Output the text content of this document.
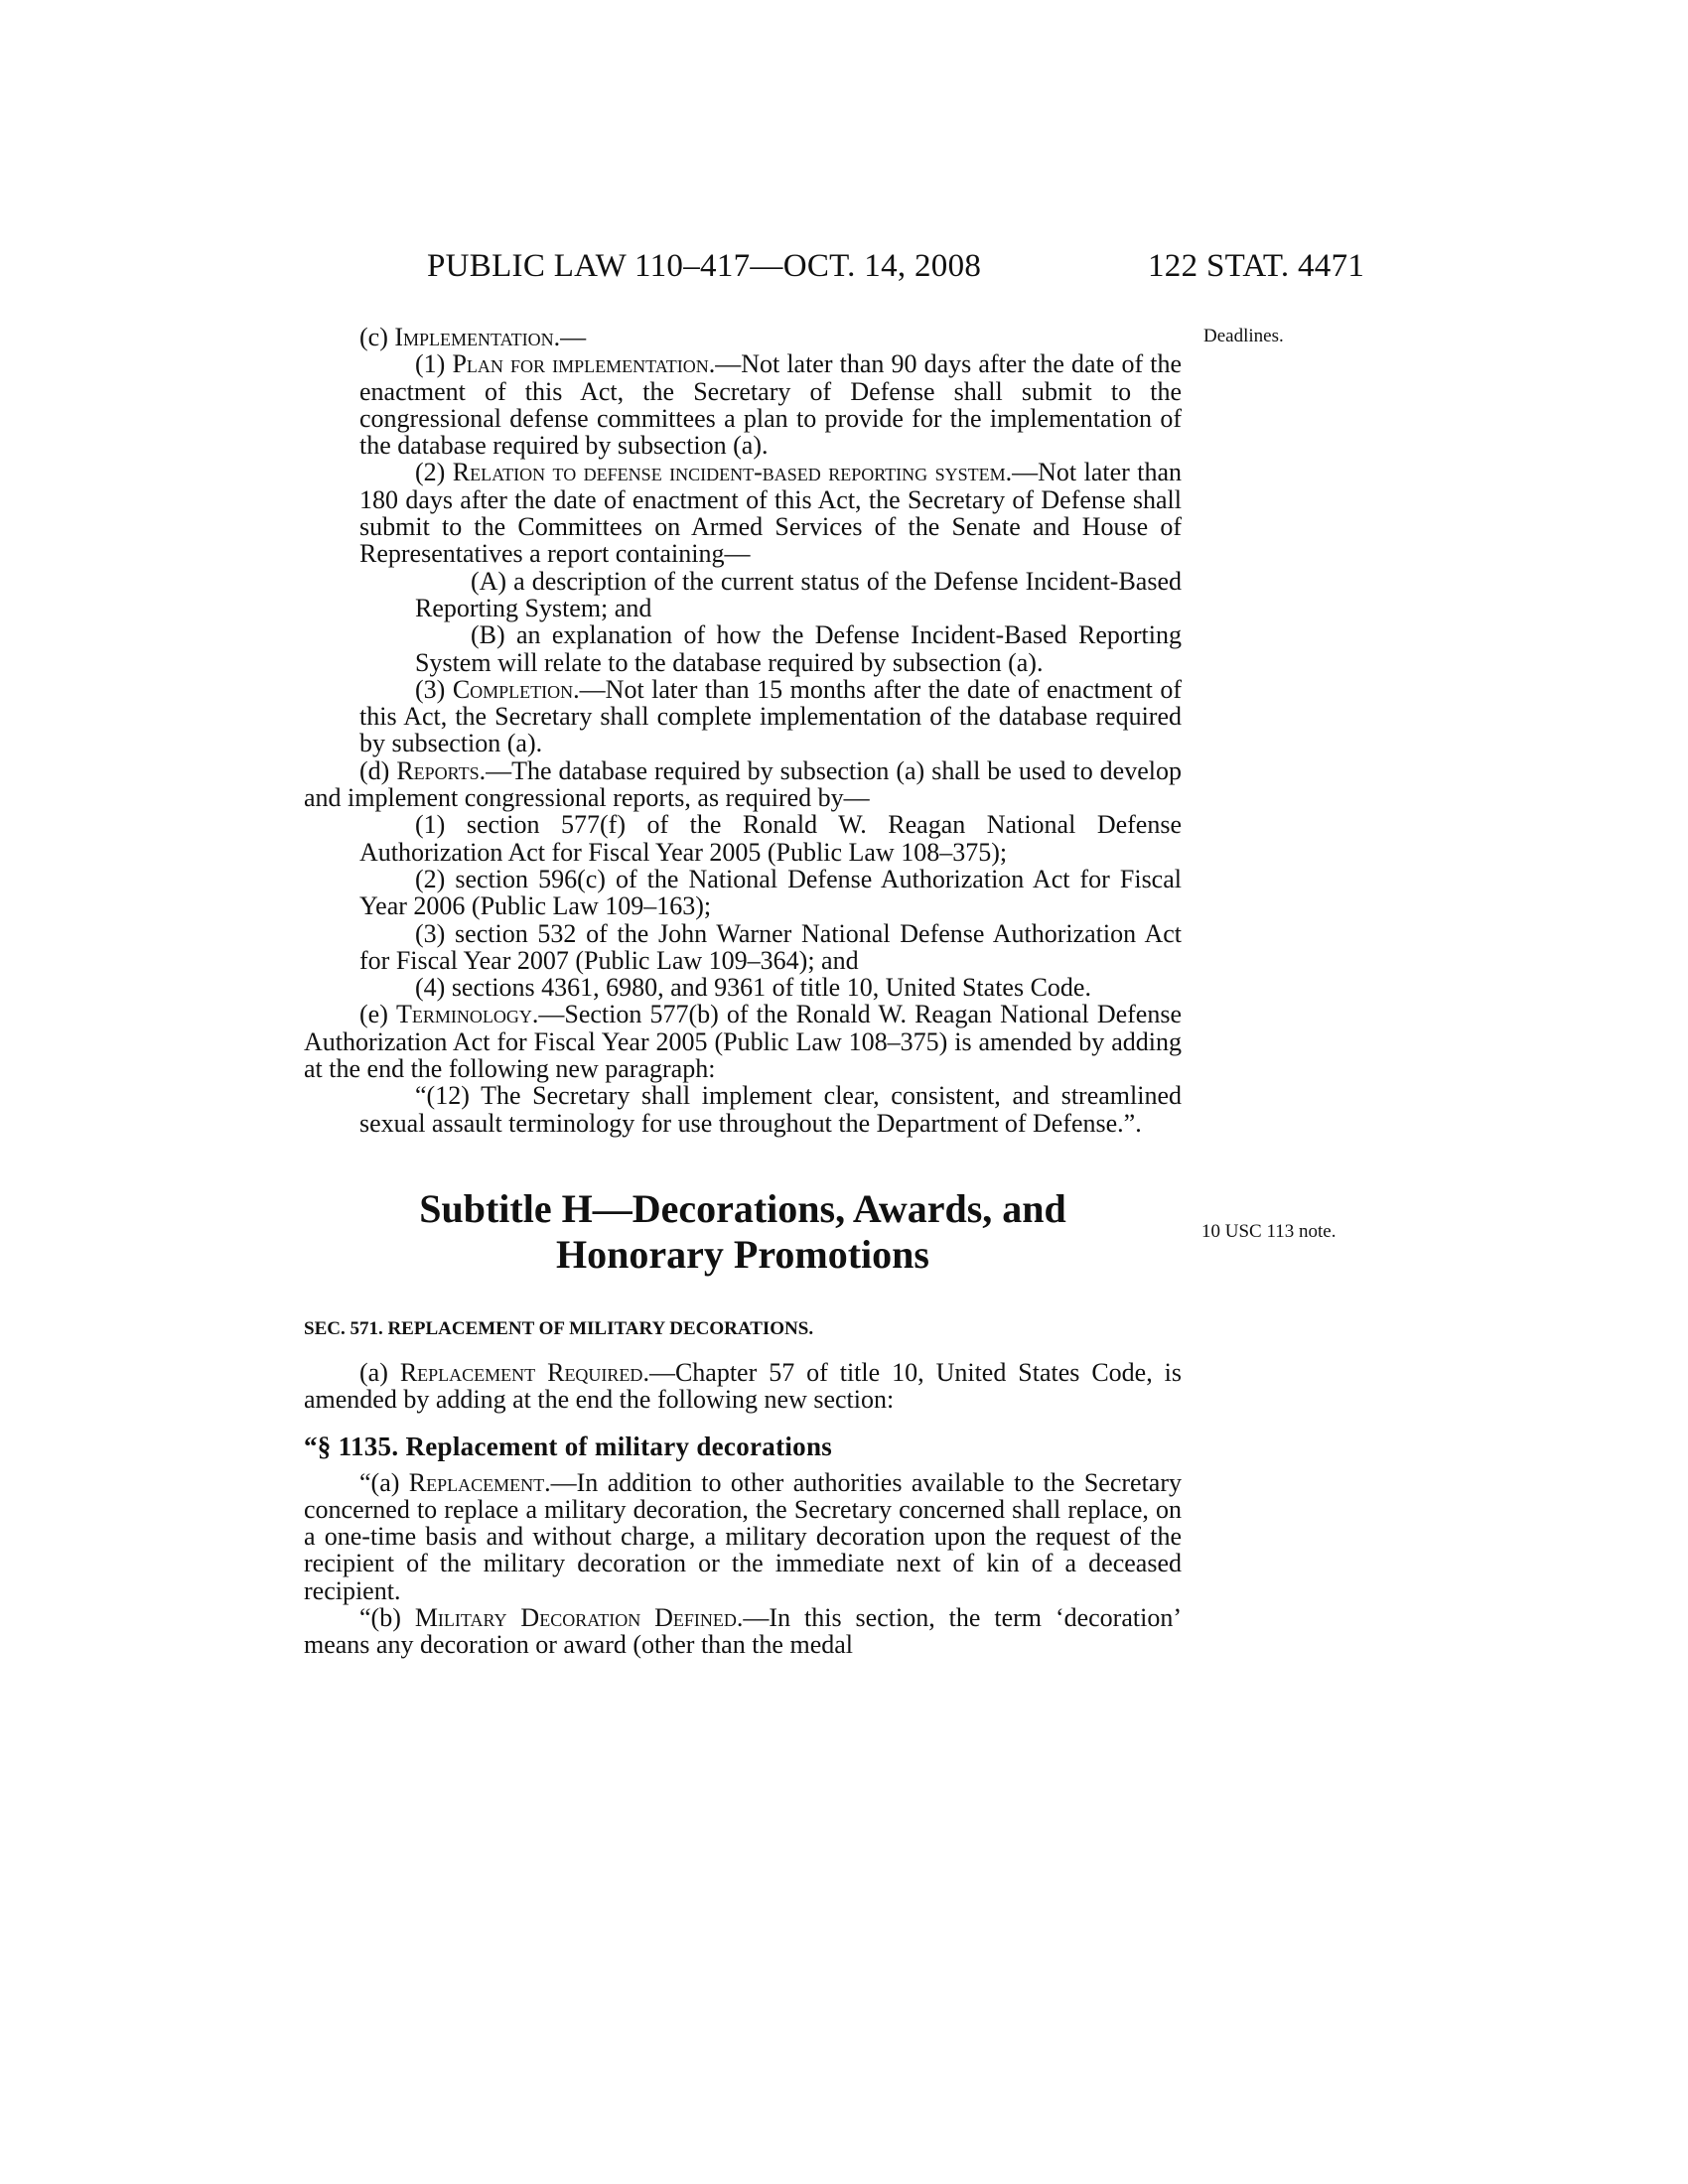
PUBLIC LAW 110–417—OCT. 14, 2008	122 STAT. 4471
Deadlines.
10 USC 113 note.

(c) Implementation.—

(1) Plan for implementation.—Not later than 90 days after the date of the enactment of this Act, the Secretary of Defense shall submit to the congressional defense committees a plan to provide for the implementation of the database required by subsection (a).

(2) Relation to defense incident-based reporting system.—Not later than 180 days after the date of enactment of this Act, the Secretary of Defense shall submit to the Committees on Armed Services of the Senate and House of Representatives a report containing—

(A) a description of the current status of the Defense Incident-Based Reporting System; and

(B) an explanation of how the Defense Incident-Based Reporting System will relate to the database required by subsection (a).

(3) Completion.—Not later than 15 months after the date of enactment of this Act, the Secretary shall complete implementation of the database required by subsection (a).

(d) Reports.—The database required by subsection (a) shall be used to develop and implement congressional reports, as required by—

(1) section 577(f) of the Ronald W. Reagan National Defense Authorization Act for Fiscal Year 2005 (Public Law 108–375);

(2) section 596(c) of the National Defense Authorization Act for Fiscal Year 2006 (Public Law 109–163);

(3) section 532 of the John Warner National Defense Authorization Act for Fiscal Year 2007 (Public Law 109–364); and

(4) sections 4361, 6980, and 9361 of title 10, United States Code.

(e) Terminology.—Section 577(b) of the Ronald W. Reagan National Defense Authorization Act for Fiscal Year 2005 (Public Law 108–375) is amended by adding at the end the following new paragraph:

“(12) The Secretary shall implement clear, consistent, and streamlined sexual assault terminology for use throughout the Department of Defense.”.

Subtitle H—Decorations, Awards, and
Honorary Promotions
SEC. 571. REPLACEMENT OF MILITARY DECORATIONS.

(a) Replacement Required.—Chapter 57 of title 10, United States Code, is amended by adding at the end the following new section:

“§ 1135. Replacement of military decorations

“(a) Replacement.—In addition to other authorities available to the Secretary concerned to replace a military decoration, the Secretary concerned shall replace, on a one-time basis and without charge, a military decoration upon the request of the recipient of the military decoration or the immediate next of kin of a deceased recipient.

“(b) Military Decoration Defined.—In this section, the term ‘decoration’ means any decoration or award (other than the medal
